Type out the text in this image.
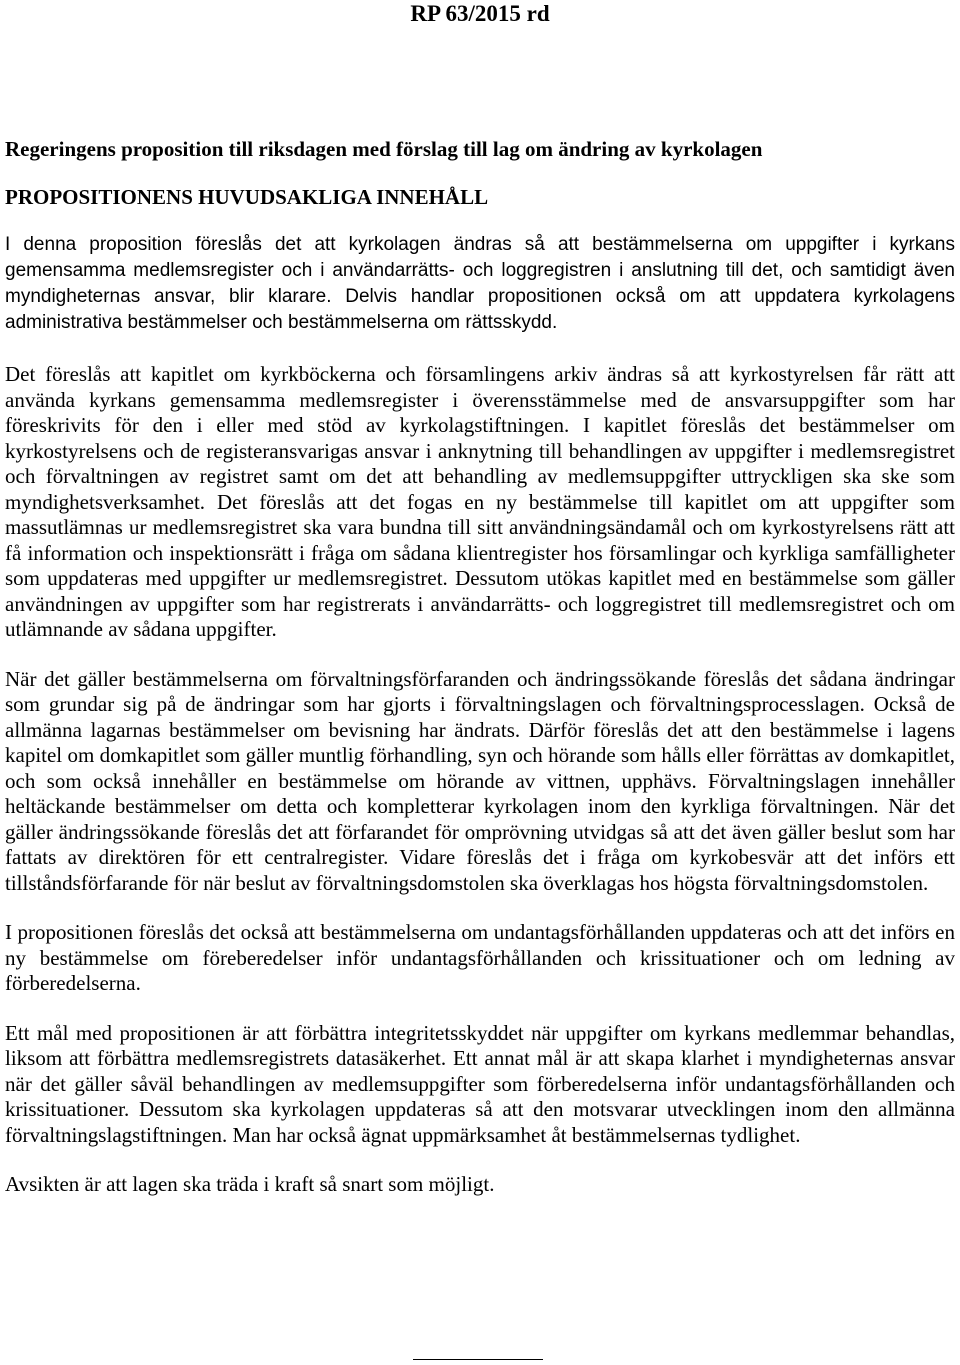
RP 63/2015 rd
Regeringens proposition till riksdagen med förslag till lag om ändring av kyrkolagen
PROPOSITIONENS HUVUDSAKLIGA INNEHÅLL

I denna proposition föreslås det att kyrkolagen ändras så att bestämmelserna om uppgifter i kyrkans gemensamma medlemsregister och i användarrätts- och loggregistren i anslutning till det, och samtidigt även myndigheternas ansvar, blir klarare. Delvis handlar propositionen också om att uppdatera kyrkolagens administrativa bestämmelser och bestämmelserna om rättsskydd.

Det föreslås att kapitlet om kyrkböckerna och församlingens arkiv ändras så att kyrkostyrelsen får rätt att använda kyrkans gemensamma medlemsregister i överensstämmelse med de ansvarsuppgifter som har föreskrivits för den i eller med stöd av kyrkolagstiftningen. I kapitlet föreslås det bestämmelser om kyrkostyrelsens och de registeransvarigas ansvar i anknytning till behandlingen av uppgifter i medlemsregistret och förvaltningen av registret samt om det att behandling av medlemsuppgifter uttryckligen ska ske som myndighetsverksamhet. Det föreslås att det fogas en ny bestämmelse till kapitlet om att uppgifter som massutlämnas ur medlemsregistret ska vara bundna till sitt användningsändamål och om kyrkostyrelsens rätt att få information och inspektionsrätt i fråga om sådana klientregister hos församlingar och kyrkliga samfälligheter som uppdateras med uppgifter ur medlemsregistret. Dessutom utökas kapitlet med en bestämmelse som gäller användningen av uppgifter som har registrerats i användarrätts- och loggregistret till medlemsregistret och om utlämnande av sådana uppgifter.

När det gäller bestämmelserna om förvaltningsförfaranden och ändringssökande föreslås det sådana ändringar som grundar sig på de ändringar som har gjorts i förvaltningslagen och förvaltningsprocesslagen. Också de allmänna lagarnas bestämmelser om bevisning har ändrats. Därför föreslås det att den bestämmelse i lagens kapitel om domkapitlet som gäller muntlig förhandling, syn och hörande som hålls eller förrättas av domkapitlet, och som också innehåller en bestämmelse om hörande av vittnen, upphävs. Förvaltningslagen innehåller heltäckande bestämmelser om detta och kompletterar kyrkolagen inom den kyrkliga förvaltningen. När det gäller ändringssökande föreslås det att förfarandet för omprövning utvidgas så att det även gäller beslut som har fattats av direktören för ett centralregister. Vidare föreslås det i fråga om kyrkobesvär att det införs ett tillståndsförfarande för när beslut av förvaltningsdomstolen ska överklagas hos högsta förvaltningsdomstolen.

I propositionen föreslås det också att bestämmelserna om undantagsförhållanden uppdateras och att det införs en ny bestämmelse om föreberedelser inför undantagsförhållanden och krissituationer och om ledning av förberedelserna.

Ett mål med propositionen är att förbättra integritetsskyddet när uppgifter om kyrkans medlemmar behandlas, liksom att förbättra medlemsregistrets datasäkerhet. Ett annat mål är att skapa klarhet i myndigheternas ansvar när det gäller såväl behandlingen av medlemsuppgifter som förberedelserna inför undantagsförhållanden och krissituationer. Dessutom ska kyrkolagen uppdateras så att den motsvarar utvecklingen inom den allmänna förvaltningslagstiftningen. Man har också ägnat uppmärksamhet åt bestämmelsernas tydlighet.

Avsikten är att lagen ska träda i kraft så snart som möjligt.
